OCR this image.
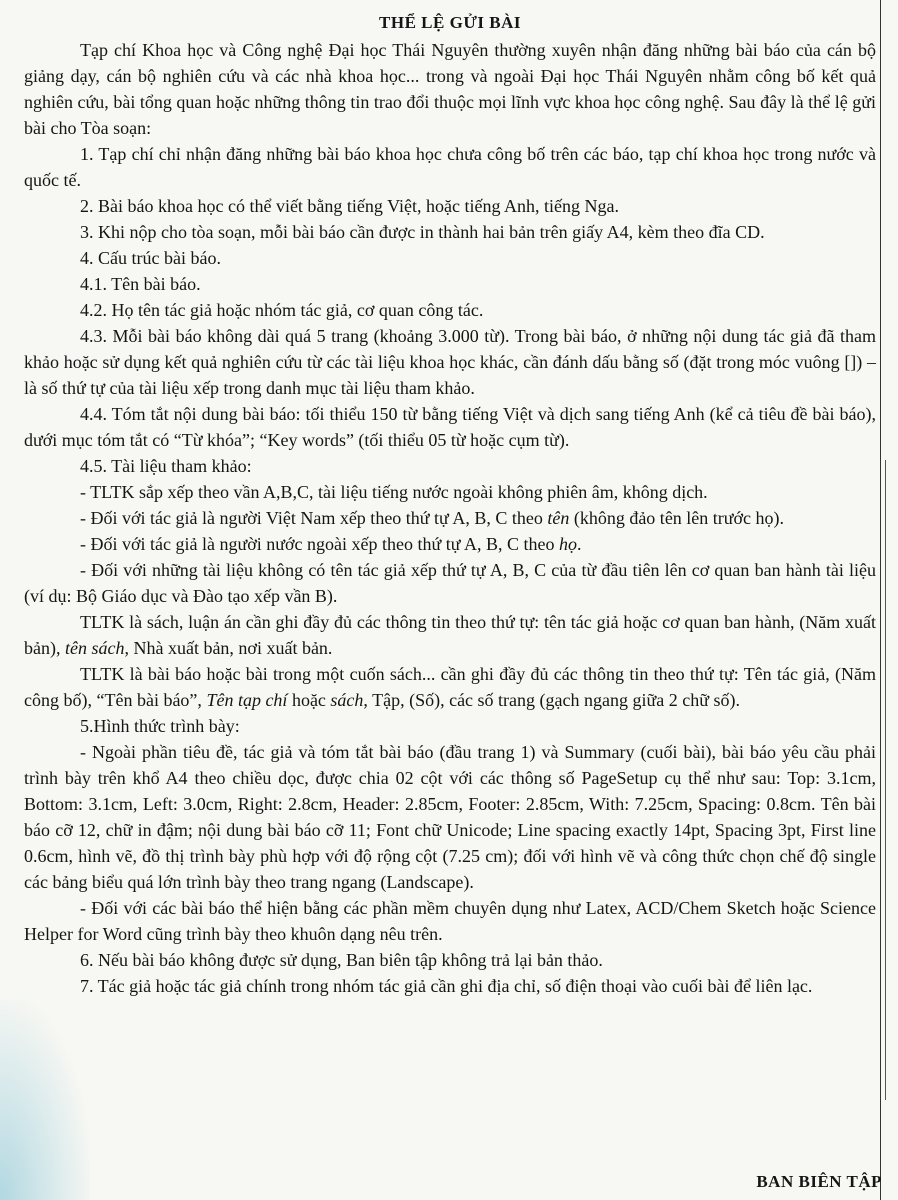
THỂ LỆ GỬI BÀI

Tạp chí Khoa học và Công nghệ Đại học Thái Nguyên thường xuyên nhận đăng những bài báo của cán bộ giảng dạy, cán bộ nghiên cứu và các nhà khoa học... trong và ngoài Đại học Thái Nguyên nhằm công bố kết quả nghiên cứu, bài tổng quan hoặc những thông tin trao đổi thuộc mọi lĩnh vực khoa học công nghệ. Sau đây là thể lệ gửi bài cho Tòa soạn:

1. Tạp chí chỉ nhận đăng những bài báo khoa học chưa công bố trên các báo, tạp chí khoa học trong nước và quốc tế.

2. Bài báo khoa học có thể viết bằng tiếng Việt, hoặc tiếng Anh, tiếng Nga.

3. Khi nộp cho tòa soạn, mỗi bài báo cần được in thành hai bản trên giấy A4, kèm theo đĩa CD.

4. Cấu trúc bài báo.

4.1. Tên bài báo.

4.2. Họ tên tác giả hoặc nhóm tác giả, cơ quan công tác.

4.3. Mỗi bài báo không dài quá 5 trang (khoảng 3.000 từ). Trong bài báo, ở những nội dung tác giả đã tham khảo hoặc sử dụng kết quả nghiên cứu từ các tài liệu khoa học khác, cần đánh dấu bằng số (đặt trong móc vuông []) – là số thứ tự của tài liệu xếp trong danh mục tài liệu tham khảo.

4.4. Tóm tắt nội dung bài báo: tối thiểu 150 từ bằng tiếng Việt và dịch sang tiếng Anh (kể cả tiêu đề bài báo), dưới mục tóm tắt có “Từ khóa”; “Key words” (tối thiểu 05 từ hoặc cụm từ).

4.5. Tài liệu tham khảo:

- TLTK sắp xếp theo vần A,B,C, tài liệu tiếng nước ngoài không phiên âm, không dịch.

- Đối với tác giả là người Việt Nam xếp theo thứ tự A, B, C theo tên (không đảo tên lên trước họ).

- Đối với tác giả là người nước ngoài xếp theo thứ tự A, B, C theo họ.

- Đối với những tài liệu không có tên tác giả xếp thứ tự A, B, C của từ đầu tiên lên cơ quan ban hành tài liệu (ví dụ: Bộ Giáo dục và Đào tạo xếp vần B).

TLTK là sách, luận án cần ghi đầy đủ các thông tin theo thứ tự: tên tác giả hoặc cơ quan ban hành, (Năm xuất bản), tên sách, Nhà xuất bản, nơi xuất bản.

TLTK là bài báo hoặc bài trong một cuốn sách... cần ghi đầy đủ các thông tin theo thứ tự: Tên tác giả, (Năm công bố), “Tên bài báo”, Tên tạp chí hoặc sách, Tập, (Số), các số trang (gạch ngang giữa 2 chữ số).

5.Hình thức trình bày:

- Ngoài phần tiêu đề, tác giả và tóm tắt bài báo (đầu trang 1) và Summary (cuối bài), bài báo yêu cầu phải trình bày trên khổ A4 theo chiều dọc, được chia 02 cột với các thông số PageSetup cụ thể như sau: Top: 3.1cm, Bottom: 3.1cm, Left: 3.0cm, Right: 2.8cm, Header: 2.85cm, Footer: 2.85cm, With: 7.25cm, Spacing: 0.8cm. Tên bài báo cỡ 12, chữ in đậm; nội dung bài báo cỡ 11; Font chữ Unicode; Line spacing exactly 14pt, Spacing 3pt, First line 0.6cm, hình vẽ, đồ thị trình bày phù hợp với độ rộng cột (7.25 cm); đối với hình vẽ và công thức chọn chế độ single các bảng biểu quá lớn trình bày theo trang ngang (Landscape).

- Đối với các bài báo thể hiện bằng các phần mềm chuyên dụng như Latex, ACD/Chem Sketch hoặc Science Helper for Word cũng trình bày theo khuôn dạng nêu trên.

6. Nếu bài báo không được sử dụng, Ban biên tập không trả lại bản thảo.

7. Tác giả hoặc tác giả chính trong nhóm tác giả cần ghi địa chỉ, số điện thoại vào cuối bài để liên lạc.

BAN BIÊN TẬP
